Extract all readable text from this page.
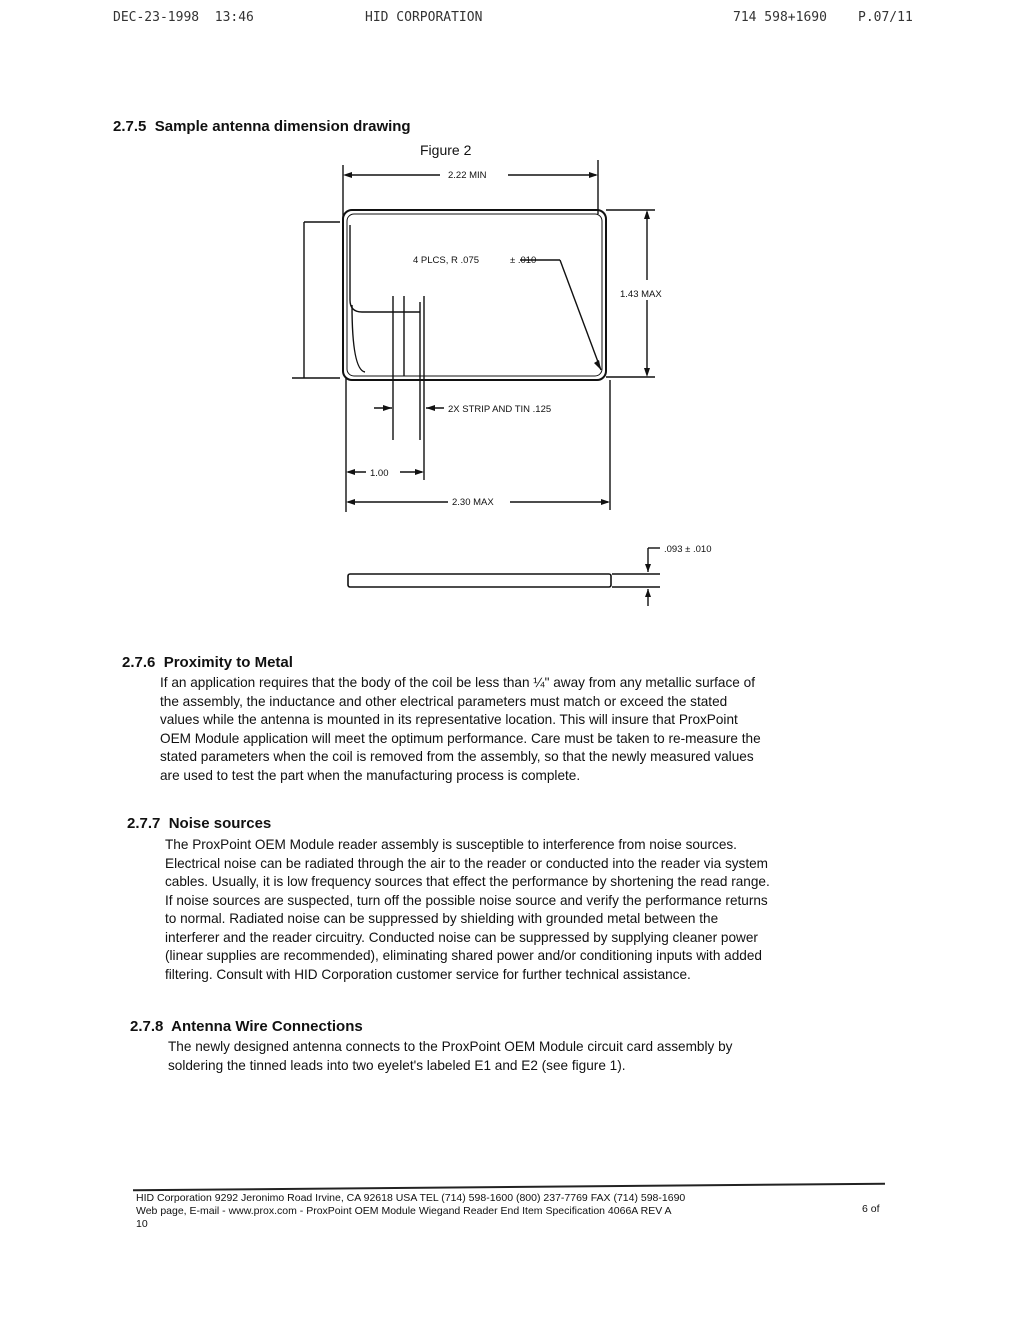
DEC-23-1998  13:46	HID CORPORATION	714 598+1690 P.07/11
2.7.5 Sample antenna dimension drawing
Figure 2
2.22 MIN
4 PLCS, R .075	± .010
1.43 MAX
2X STRIP AND TIN .125
1.00
2.30 MAX
.093 ± .010
2.7.6 Proximity to Metal

If an application requires that the body of the coil be less than ¼" away from any metallic surface of

the assembly, the inductance and other electrical parameters must match or exceed the stated

values while the antenna is mounted in its representative location. This will insure that ProxPoint

OEM Module application will meet the optimum performance. Care must be taken to re-measure the

stated parameters when the coil is removed from the assembly, so that the newly measured values

are used to test the part when the manufacturing process is complete.

2.7.7 Noise sources

The ProxPoint OEM Module reader assembly is susceptible to interference from noise sources.

Electrical noise can be radiated through the air to the reader or conducted into the reader via system

cables. Usually, it is low frequency sources that effect the performance by shortening the read range.

If noise sources are suspected, turn off the possible noise source and verify the performance returns

to normal. Radiated noise can be suppressed by shielding with grounded metal between the

interferer and the reader circuitry. Conducted noise can be suppressed by supplying cleaner power

(linear supplies are recommended), eliminating shared power and/or conditioning inputs with added

filtering. Consult with HID Corporation customer service for further technical assistance.

2.7.8 Antenna Wire Connections

The newly designed antenna connects to the ProxPoint OEM Module circuit card assembly by

soldering the tinned leads into two eyelet's labeled E1 and E2 (see figure 1).

HID Corporation 9292 Jeronimo Road Irvine, CA 92618 USA TEL (714) 598-1600 (800) 237-7769 FAX (714) 598-1690
Web page, E-mail - www.prox.com - ProxPoint OEM Module Wiegand Reader End Item Specification 4066A REV A
10
6 of
